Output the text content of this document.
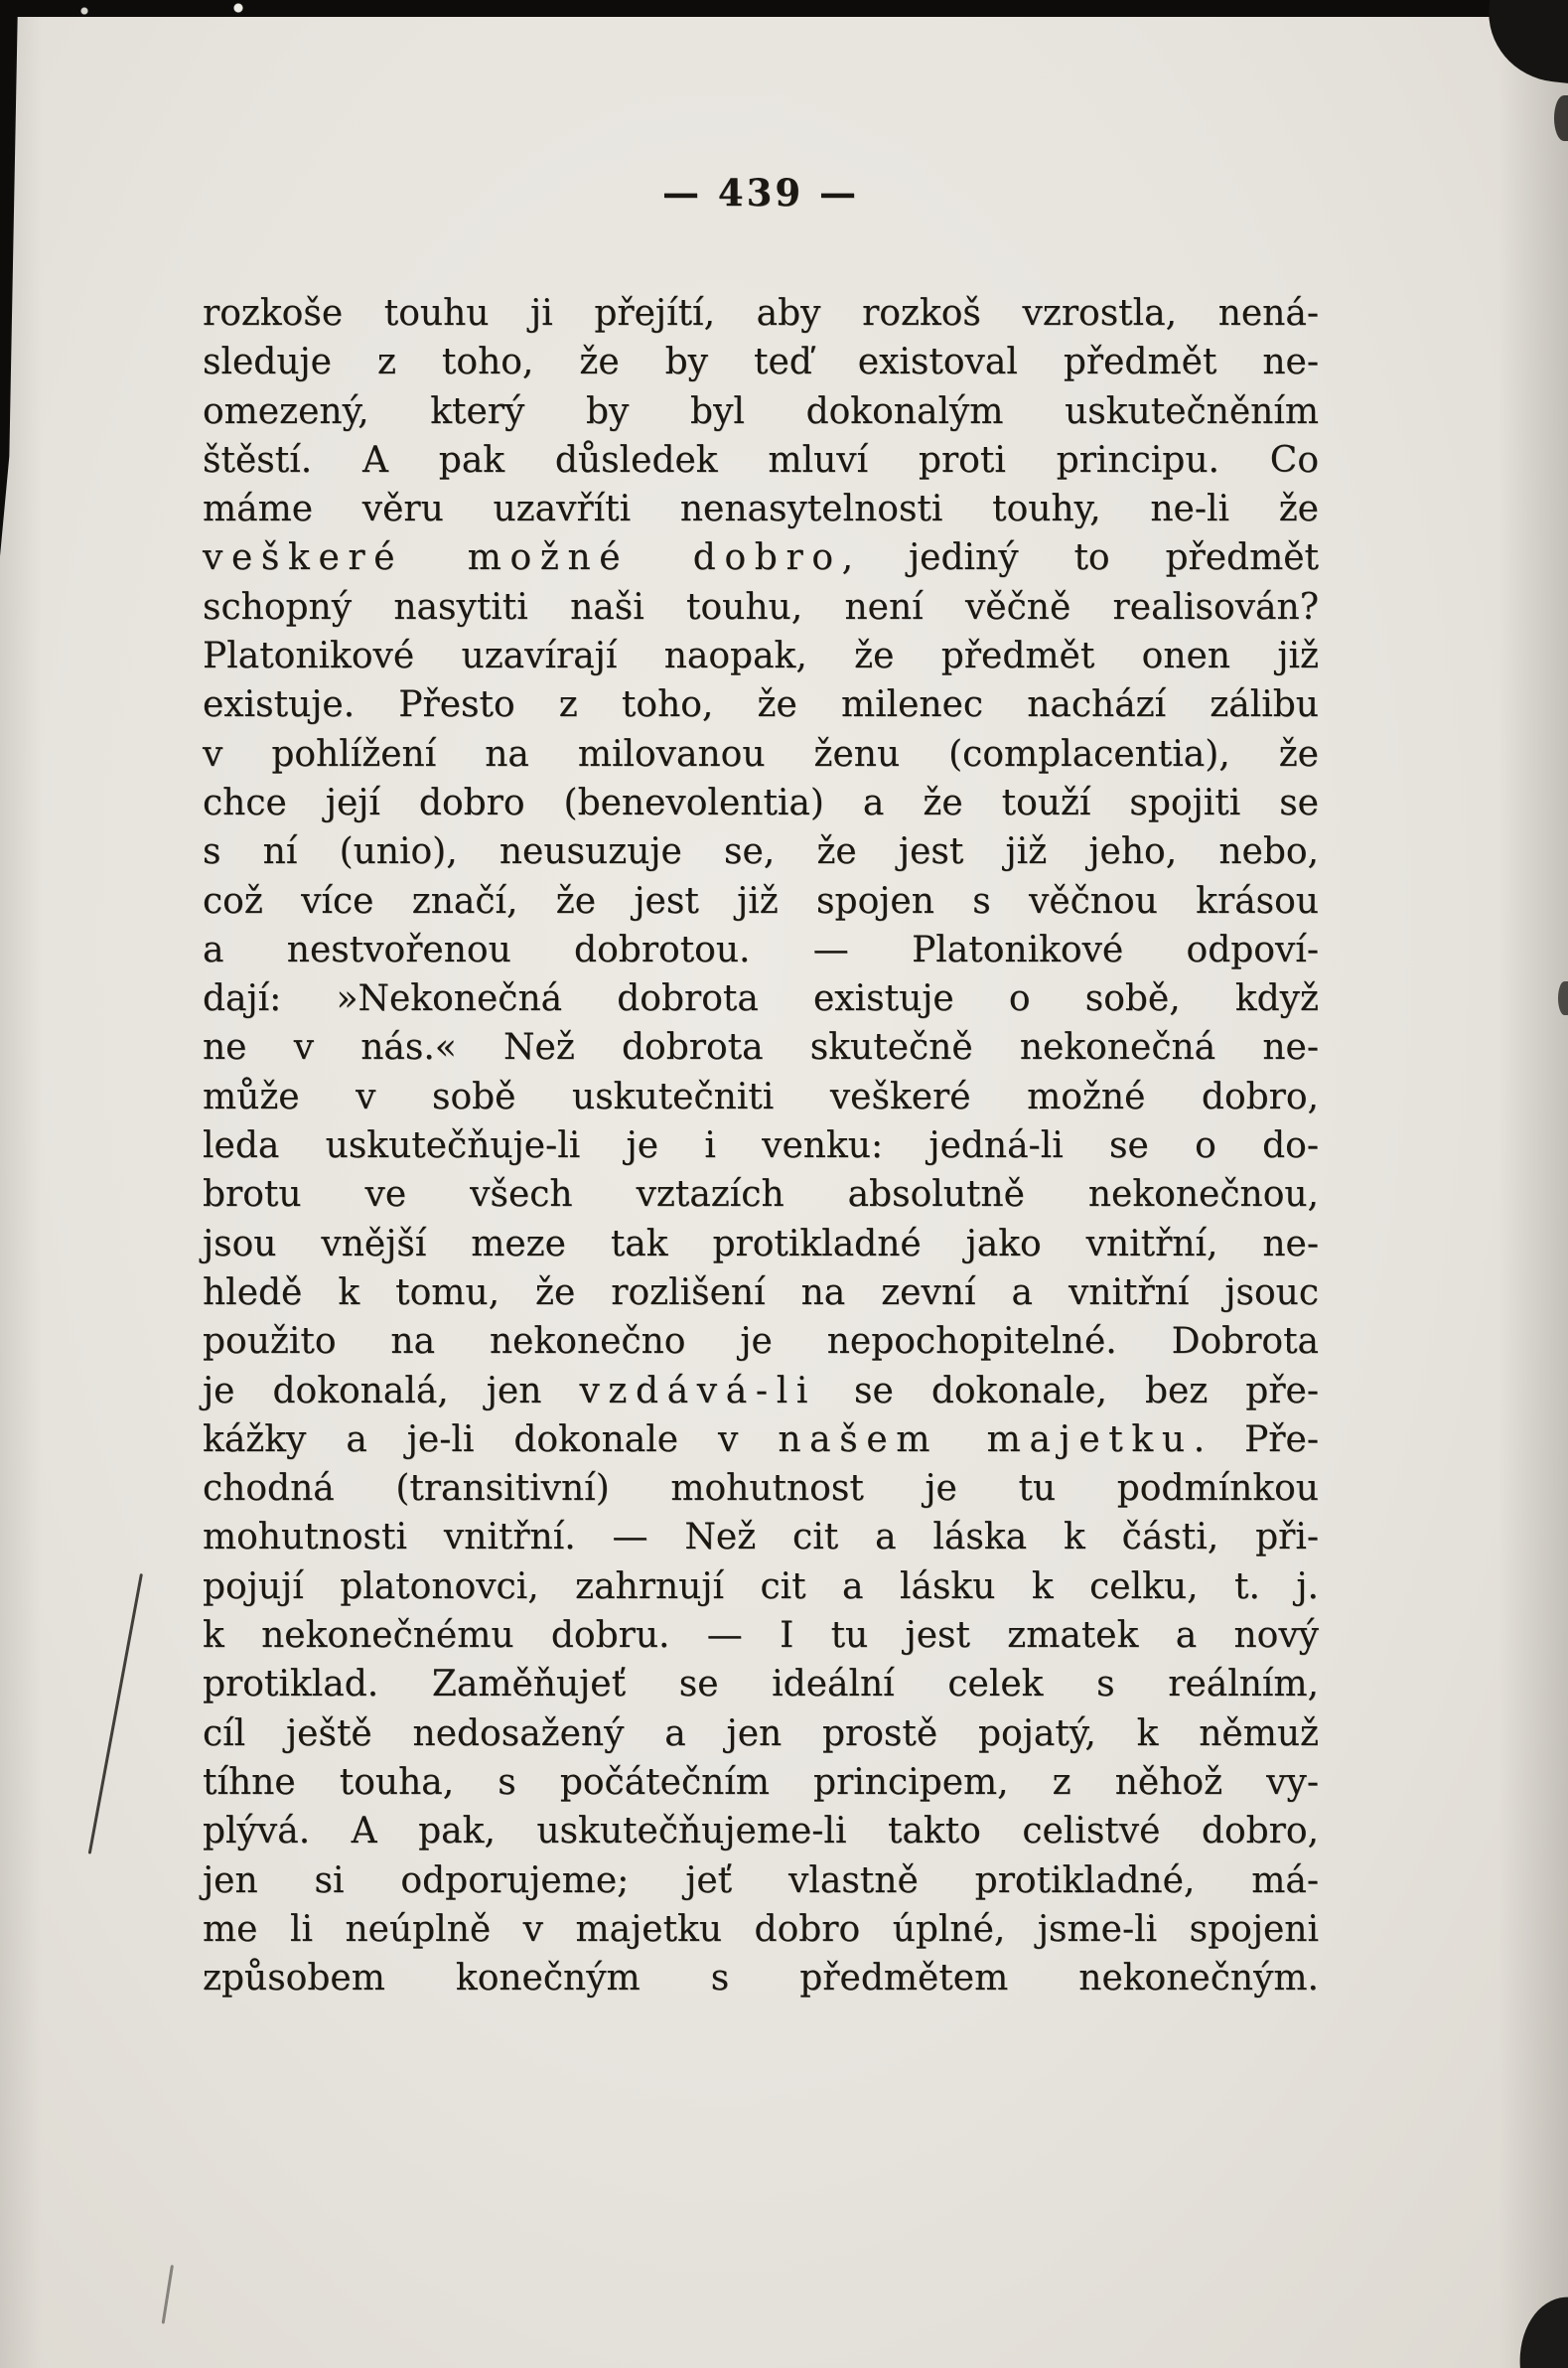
— 439 —
rozkoše touhu ji přejítí, aby rozkoš vzrostla, nená-
sleduje z toho, že by teď existoval předmět ne-
omezený, který by byl dokonalým uskutečněním
štěstí. A pak důsledek mluví proti principu. Co
máme věru uzavříti nenasytelnosti touhy, ne-li že
veškeré možné dobro, jediný to předmět
schopný nasytiti naši touhu, není věčně realisován?
Platonikové uzavírají naopak, že předmět onen již
existuje. Přesto z toho, že milenec nachází zálibu
v pohlížení na milovanou ženu (complacentia), že
chce její dobro (benevolentia) a že touží spojiti se
s ní (unio), neusuzuje se, že jest již jeho, nebo,
což více značí, že jest již spojen s věčnou krásou
a nestvořenou dobrotou. — Platonikové odpoví-
dají: »Nekonečná dobrota existuje o sobě, když
ne v nás.« Než dobrota skutečně nekonečná ne-
může v sobě uskutečniti veškeré možné dobro,
leda uskutečňuje-li je i venku: jedná-li se o do-
brotu ve všech vztazích absolutně nekonečnou,
jsou vnější meze tak protikladné jako vnitřní, ne-
hledě k tomu, že rozlišení na zevní a vnitřní jsouc
použito na nekonečno je nepochopitelné. Dobrota
je dokonalá, jen vzdává-li se dokonale, bez pře-
kážky a je-li dokonale v našem majetku. Pře-
chodná (transitivní) mohutnost je tu podmínkou
mohutnosti vnitřní. — Než cit a láska k části, při-
pojují platonovci, zahrnují cit a lásku k celku, t. j.
k nekonečnému dobru. — I tu jest zmatek a nový
protiklad. Zaměňujeť se ideální celek s reálním,
cíl ještě nedosažený a jen prostě pojatý, k němuž
tíhne touha, s počátečním principem, z něhož vy-
plývá. A pak, uskutečňujeme-li takto celistvé dobro,
jen si odporujeme; jeť vlastně protikladné, má-
me li neúplně v majetku dobro úplné, jsme-li spojeni
způsobem konečným s předmětem nekonečným.
